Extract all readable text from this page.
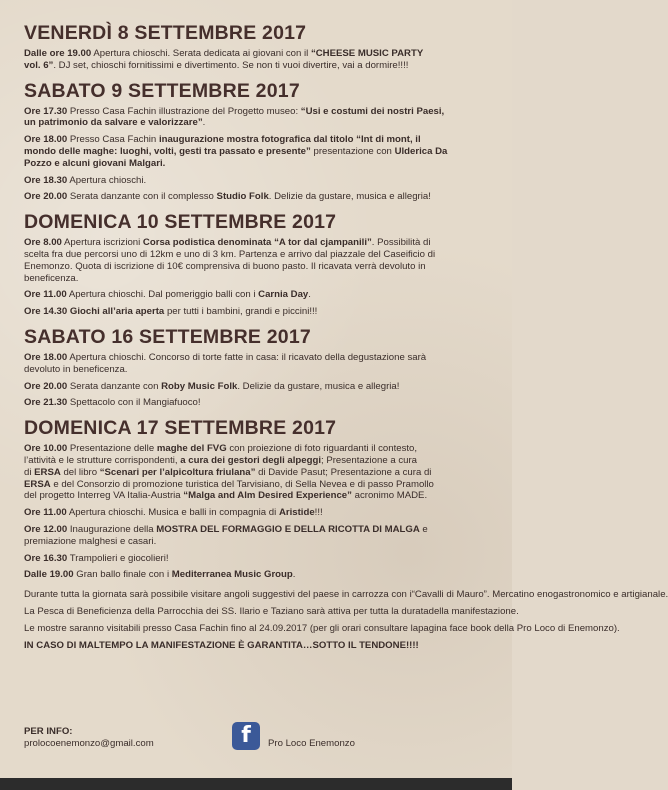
VENERDÌ 8 SETTEMBRE 2017
Dalle ore 19.00 Apertura chioschi. Serata dedicata ai giovani con il “CHEESE MUSIC PARTY
vol. 6”. DJ set, chioschi fornitissimi e divertimento. Se non ti vuoi divertire, vai a dormire!!!!
SABATO 9 SETTEMBRE 2017
Ore 17.30 Presso Casa Fachin illustrazione del Progetto museo: “Usi e costumi dei nostri Paesi,
un patrimonio da salvare e valorizzare”.
Ore 18.00 Presso Casa Fachin inaugurazione mostra fotografica dal titolo “Int di mont, il
mondo delle maghe: luoghi, volti, gesti tra passato e presente” presentazione con Ulderica Da
Pozzo e alcuni giovani Malgari.
Ore 18.30 Apertura chioschi.
Ore 20.00 Serata danzante con il complesso Studio Folk. Delizie da gustare, musica e allegria!
DOMENICA 10 SETTEMBRE 2017
Ore 8.00 Apertura iscrizioni Corsa podistica denominata “A tor dal cjampanili”. Possibilità di
scelta fra due percorsi uno di 12km e uno di 3 km. Partenza e arrivo dal piazzale del Caseificio di
Enemonzo. Quota di iscrizione di 10€ comprensiva di buono pasto. Il ricavata verrà devoluto in
beneficenza.
Ore 11.00 Apertura chioschi. Dal pomeriggio balli con i Carnia Day.
Ore 14.30 Giochi all’aria aperta per tutti i bambini, grandi e piccini!!!
SABATO 16 SETTEMBRE 2017
Ore 18.00 Apertura chioschi. Concorso di torte fatte in casa: il ricavato della degustazione sarà
devoluto in beneficenza.
Ore 20.00 Serata danzante con Roby Music Folk. Delizie da gustare, musica e allegria!
Ore 21.30 Spettacolo con il Mangiafuoco!
DOMENICA 17 SETTEMBRE 2017
Ore 10.00 Presentazione delle maghe del FVG con proiezione di foto riguardanti il contesto,
l’attività e le strutture corrispondenti, a cura dei gestori degli alpeggi; Presentazione a cura
di ERSA del libro “Scenari per l’alpicoltura friulana” di Davide Pasut; Presentazione a cura di
ERSA e del Consorzio di promozione turistica del Tarvisiano, di Sella Nevea e di passo Pramollo
del progetto Interreg VA Italia-Austria “Malga and Alm Desired Experience” acronimo MADE.
Ore 11.00 Apertura chioschi. Musica e balli in compagnia di Aristide!!!
Ore 12.00 Inaugurazione della MOSTRA DEL FORMAGGIO E DELLA RICOTTA DI MALGA e
premiazione malghesi e casari.
Ore 16.30 Trampolieri e giocolieri!
Dalle 19.00 Gran ballo finale con i Mediterranea Music Group.
Durante tutta la giornata sarà possibile visitare angoli suggestivi del paese in carrozza con i“Cavalli di Mauro”. Mercatino enogastronomico e artigianale.
La Pesca di Beneficienza della Parrocchia dei SS. Ilario e Taziano sarà attiva per tutta la duratadella manifestazione.
Le mostre saranno visitabili presso Casa Fachin fino al 24.09.2017 (per gli orari consultare lapagina face book della Pro Loco di Enemonzo).
IN CASO DI MALTEMPO LA MANIFESTAZIONE È GARANTITA…SOTTO IL TENDONE!!!!
PER INFO:
prolocoenemonzo@gmail.com	f	Pro Loco Enemonzo
